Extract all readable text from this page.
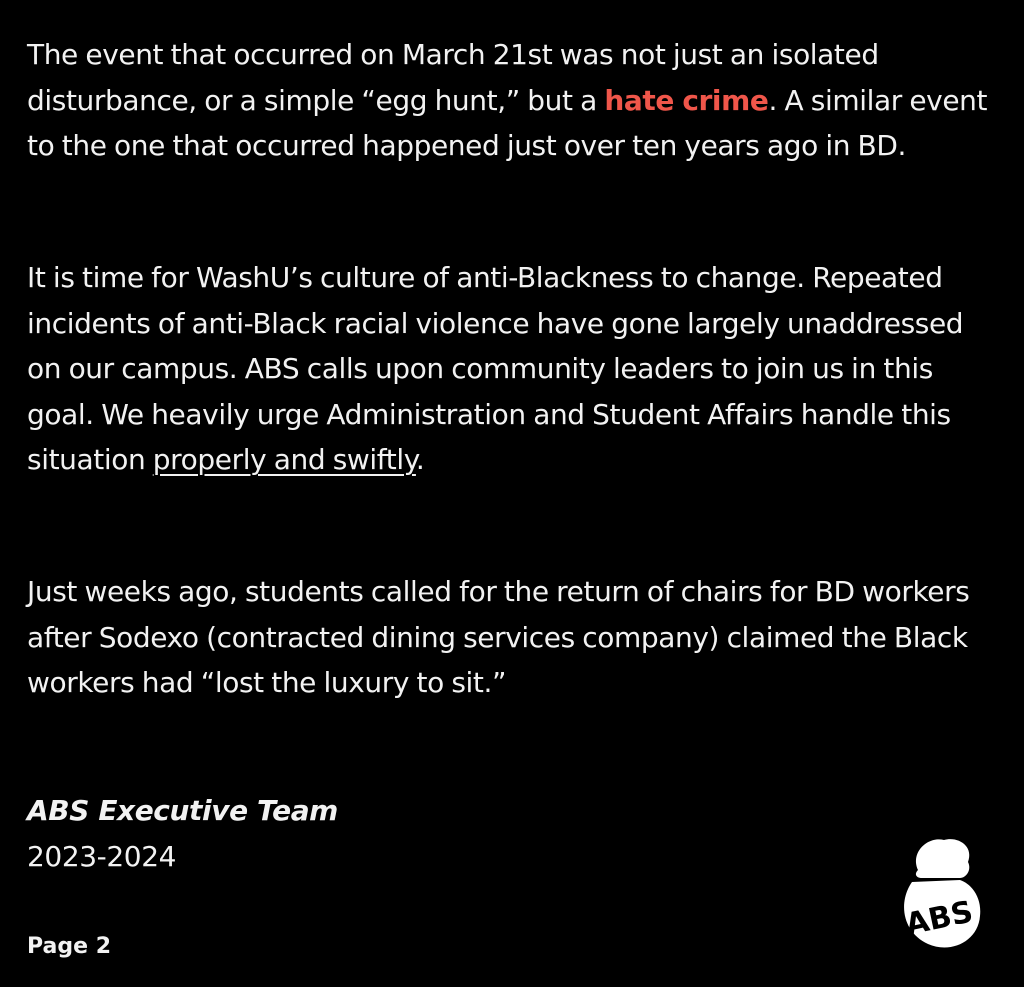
The event that occurred on March 21st was not just an isolated disturbance, or a simple “egg hunt,” but a hate crime. A similar event to the one that occurred happened just over ten years ago in BD.

It is time for WashU’s culture of anti-Blackness to change. Repeated incidents of anti-Black racial violence have gone largely unaddressed on our campus. ABS calls upon community leaders to join us in this goal. We heavily urge Administration and Student Affairs handle this situation properly and swiftly.

Just weeks ago, students called for the return of chairs for BD workers after Sodexo (contracted dining services company) claimed the Black workers had “lost the luxury to sit.”

ABS Executive Team
2023-2024
Page 2
ABS
